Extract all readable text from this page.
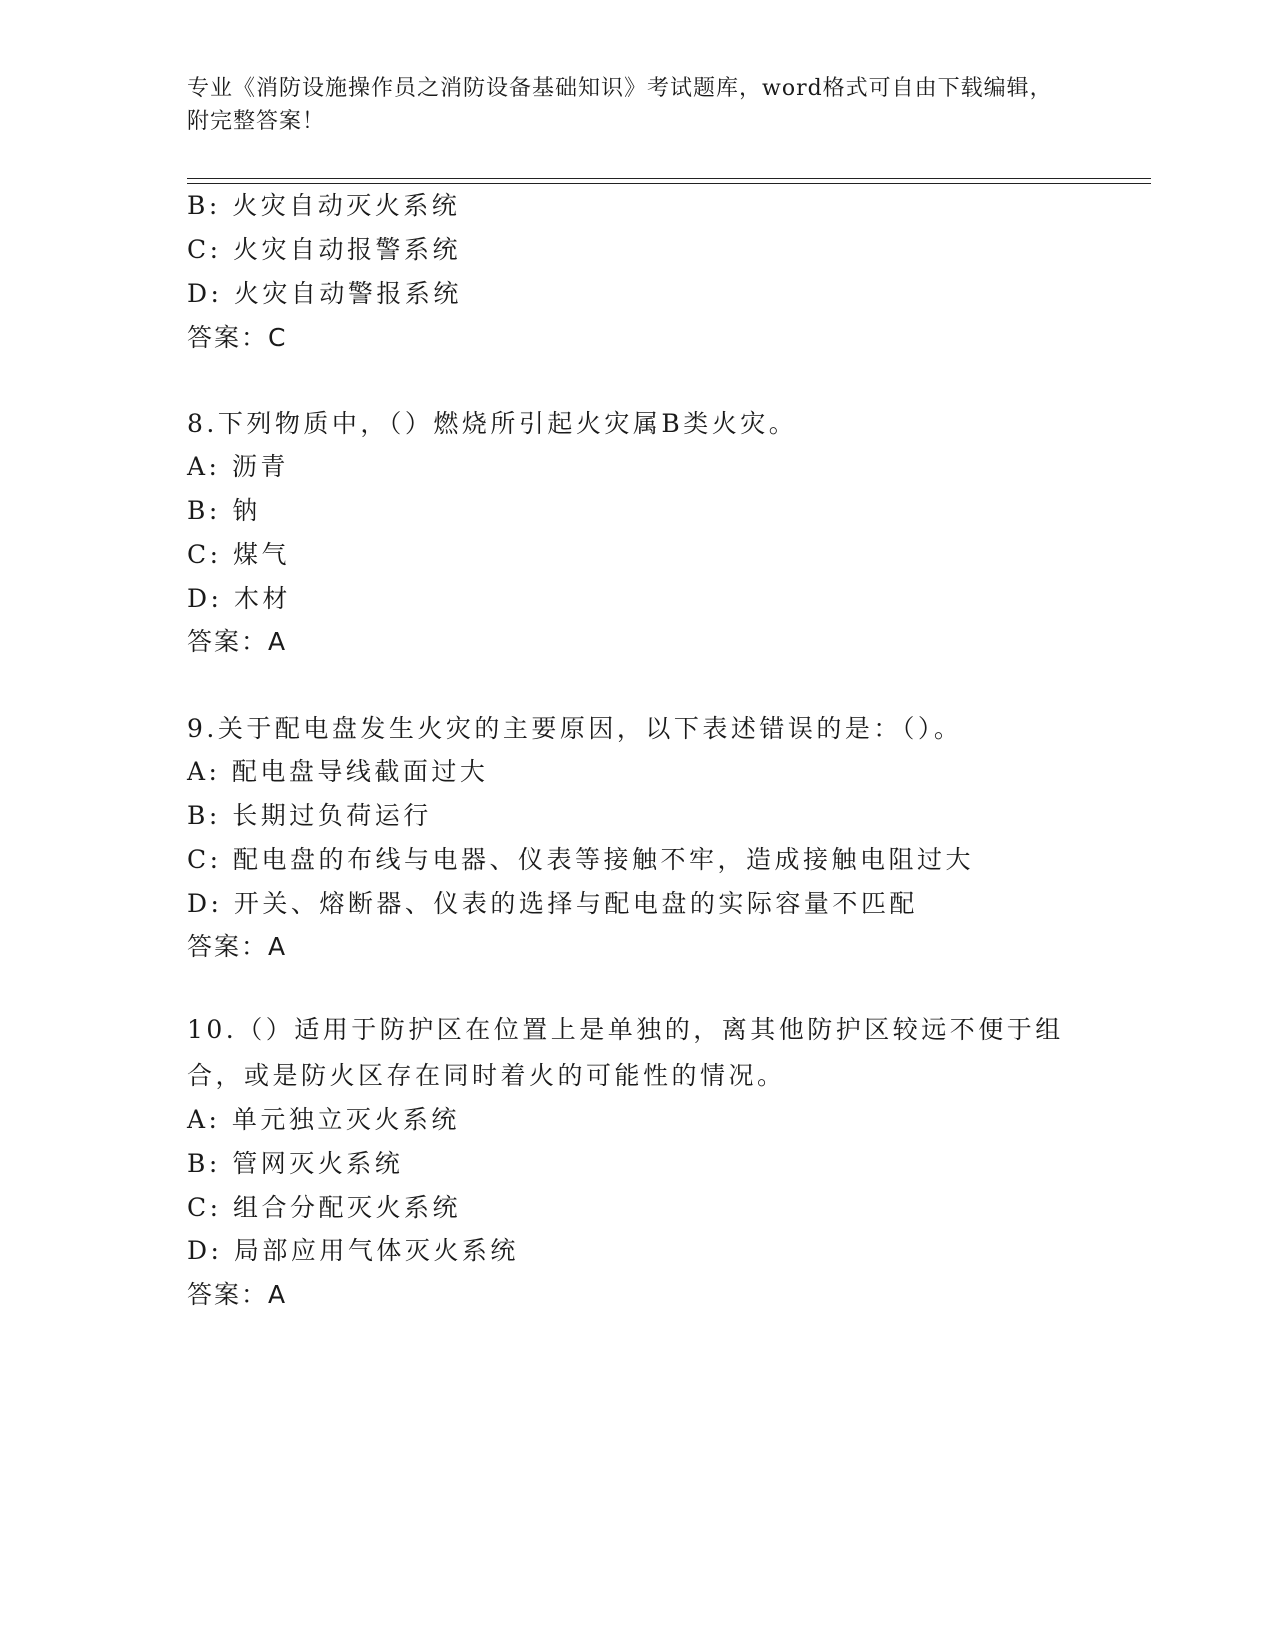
专业《消防设施操作员之消防设备基础知识》考试题库，word格式可自由下载编辑，附完整答案！
B: 火灾自动灭火系统
C: 火灾自动报警系统
D: 火灾自动警报系统
答案：C
8.下列物质中，（）燃烧所引起火灾属B类火灾。
A: 沥青
B: 钠
C: 煤气
D: 木材
答案：A
9.关于配电盘发生火灾的主要原因，以下表述错误的是：（）。
A: 配电盘导线截面过大
B: 长期过负荷运行
C: 配电盘的布线与电器、仪表等接触不牢，造成接触电阻过大
D: 开关、熔断器、仪表的选择与配电盘的实际容量不匹配
答案：A
10.（）适用于防护区在位置上是单独的，离其他防护区较远不便于组合，或是防火区存在同时着火的可能性的情况。
A: 单元独立灭火系统
B: 管网灭火系统
C: 组合分配灭火系统
D: 局部应用气体灭火系统
答案：A
